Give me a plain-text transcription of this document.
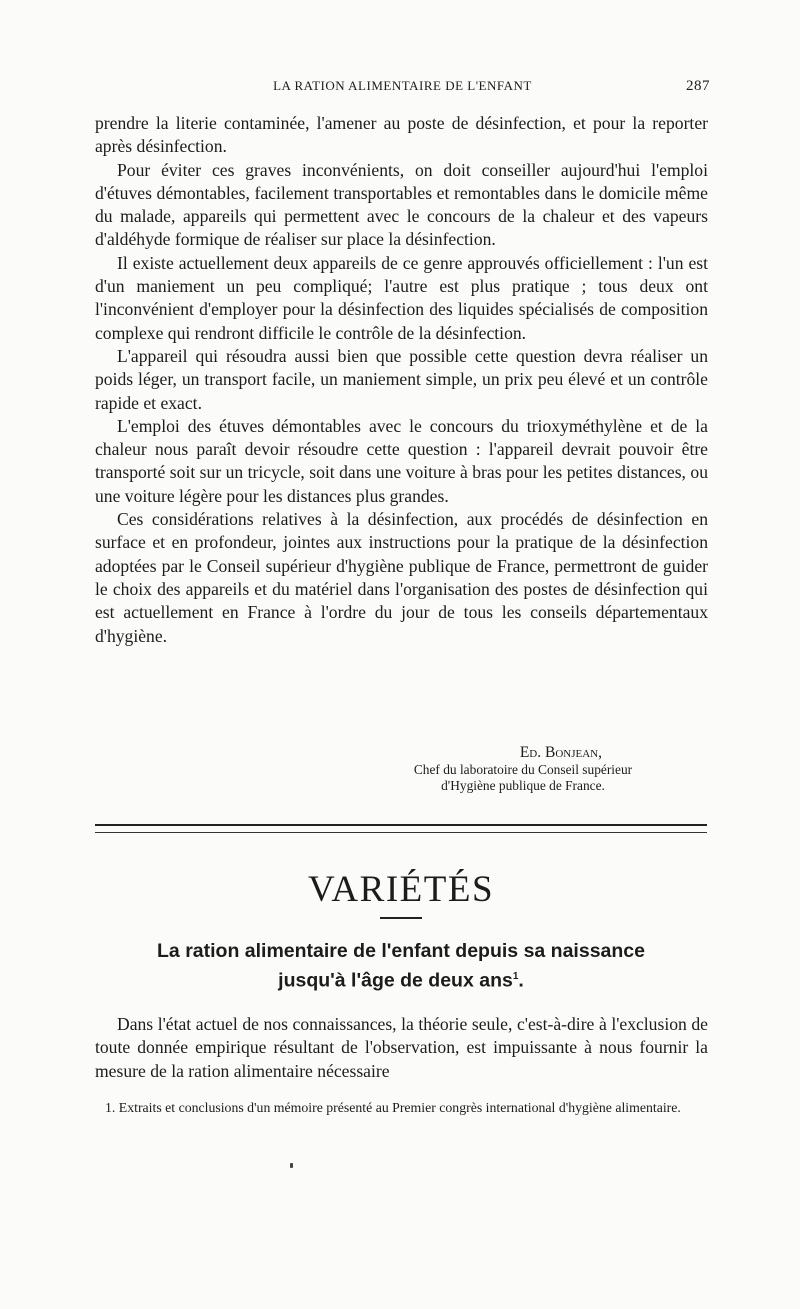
LA RATION ALIMENTAIRE DE L'ENFANT	287

prendre la literie contaminée, l'amener au poste de désinfection, et pour la reporter après désinfection.

Pour éviter ces graves inconvénients, on doit conseiller aujourd'hui l'emploi d'étuves démontables, facilement transportables et remontables dans le domicile même du malade, appareils qui permettent avec le concours de la chaleur et des vapeurs d'aldéhyde formique de réaliser sur place la désinfection.

Il existe actuellement deux appareils de ce genre approuvés officiellement : l'un est d'un maniement un peu compliqué; l'autre est plus pratique ; tous deux ont l'inconvénient d'employer pour la désinfection des liquides spécialisés de composition complexe qui rendront difficile le contrôle de la désinfection.

L'appareil qui résoudra aussi bien que possible cette question devra réaliser un poids léger, un transport facile, un maniement simple, un prix peu élevé et un contrôle rapide et exact.

L'emploi des étuves démontables avec le concours du trioxyméthylène et de la chaleur nous paraît devoir résoudre cette question : l'appareil devrait pouvoir être transporté soit sur un tricycle, soit dans une voiture à bras pour les petites distances, ou une voiture légère pour les distances plus grandes.

Ces considérations relatives à la désinfection, aux procédés de désinfection en surface et en profondeur, jointes aux instructions pour la pratique de la désinfection adoptées par le Conseil supérieur d'hygiène publique de France, permettront de guider le choix des appareils et du matériel dans l'organisation des postes de désinfection qui est actuellement en France à l'ordre du jour de tous les conseils départementaux d'hygiène.

Ed. Bonjean,
Chef du laboratoire du Conseil supérieur
d'Hygiène publique de France.
VARIÉTÉS
La ration alimentaire de l'enfant depuis sa naissance
jusqu'à l'âge de deux ans$^1$.

Dans l'état actuel de nos connaissances, la théorie seule, c'est-à-dire à l'exclusion de toute donnée empirique résultant de l'observation, est impuissante à nous fournir la mesure de la ration alimentaire nécessaire

1. Extraits et conclusions d'un mémoire présenté au Premier congrès international d'hygiène alimentaire.
